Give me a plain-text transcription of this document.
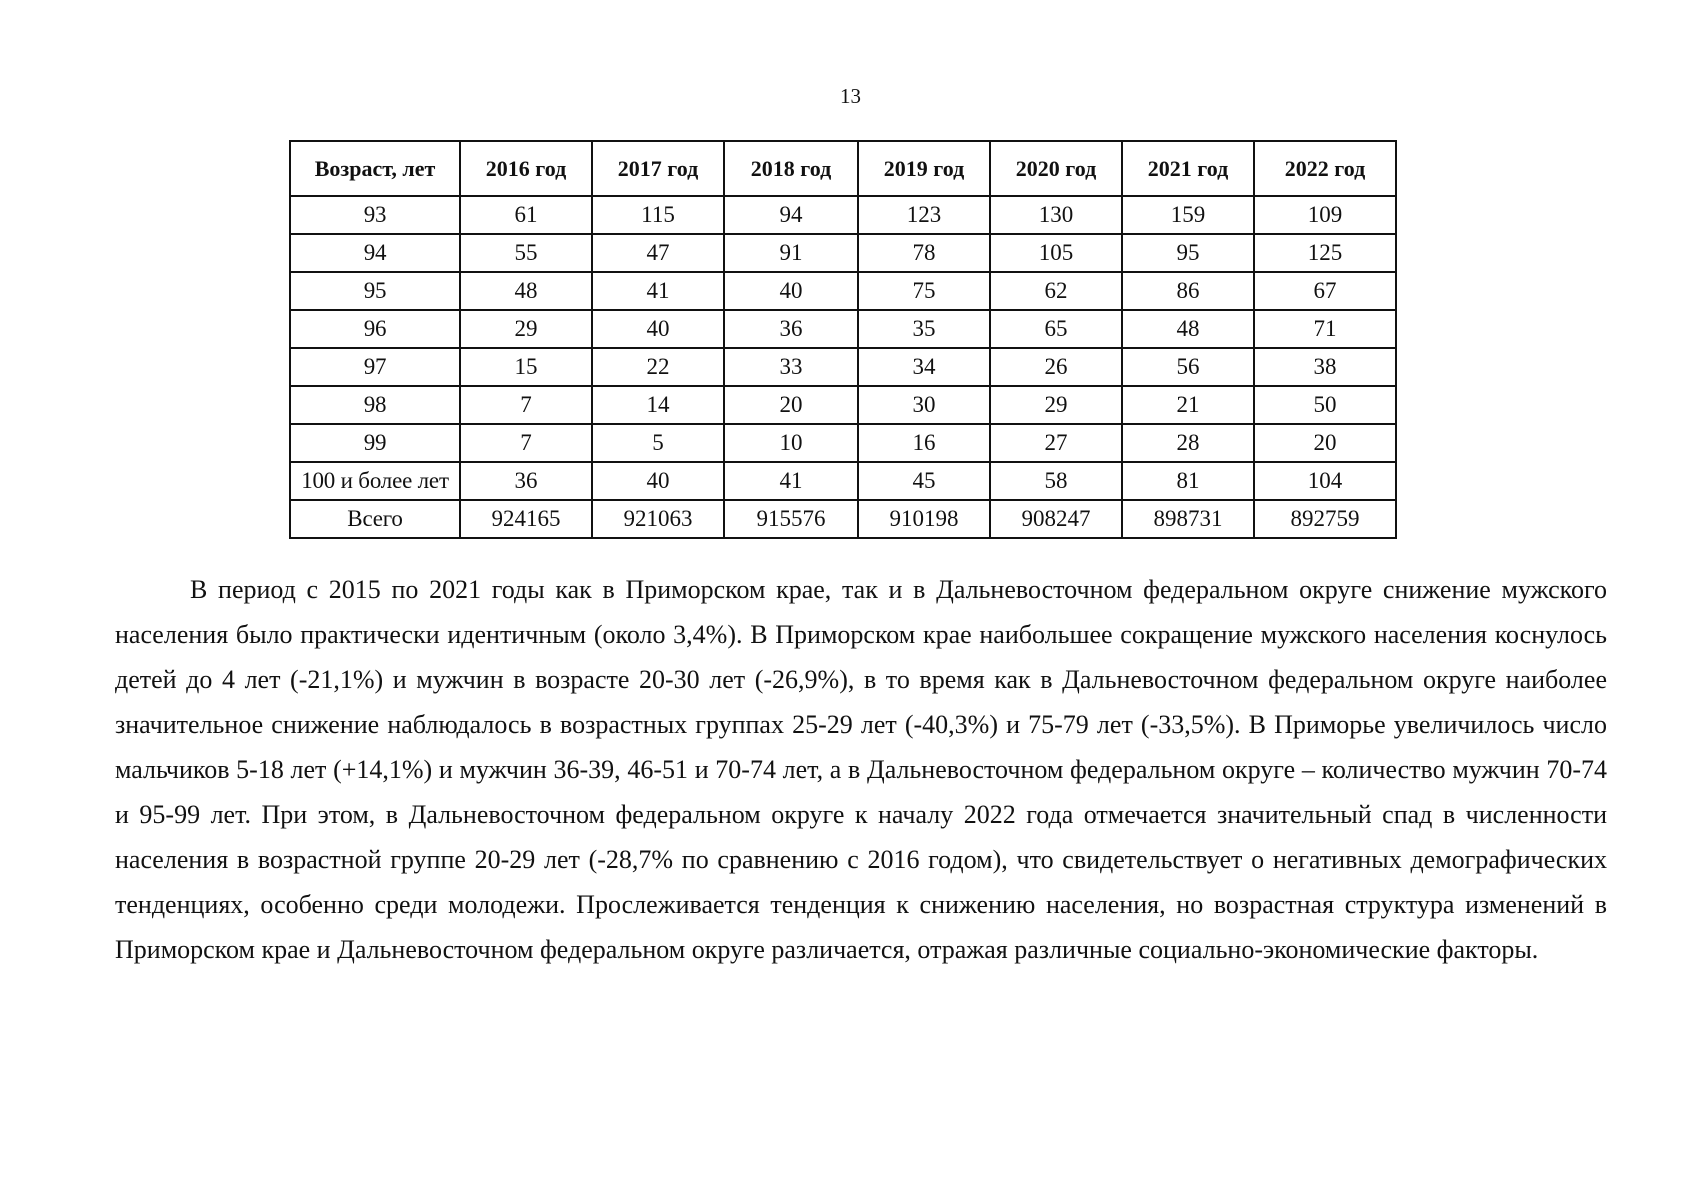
13
Возраст, лет	2016 год	2017 год	2018 год	2019 год	2020 год	2021 год	2022 год
93	61	115	94	123	130	159	109
94	55	47	91	78	105	95	125
95	48	41	40	75	62	86	67
96	29	40	36	35	65	48	71
97	15	22	33	34	26	56	38
98	7	14	20	30	29	21	50
99	7	5	10	16	27	28	20
100 и более лет	36	40	41	45	58	81	104
Всего	924165	921063	915576	910198	908247	898731	892759

В период с 2015 по 2021 годы как в Приморском крае, так и в Дальневосточном федеральном округе снижение мужского населения было практически идентичным (около 3,4%). В Приморском крае наибольшее сокращение мужского населения коснулось детей до 4 лет (-21,1%) и мужчин в возрасте 20-30 лет (-26,9%), в то время как в Дальневосточном федеральном округе наиболее значительное снижение наблюдалось в возрастных группах 25-29 лет (-40,3%) и 75-79 лет (-33,5%). В Приморье увеличилось число мальчиков 5-18 лет (+14,1%) и мужчин 36-39, 46-51 и 70-74 лет, а в Дальневосточном федеральном округе – количество мужчин 70-74 и 95-99 лет. При этом, в Дальневосточном федеральном округе к началу 2022 года отмечается значительный спад в численности населения в возрастной группе 20-29 лет (-28,7% по сравнению с 2016 годом), что свидетельствует о негативных демографических тенденциях, особенно среди молодежи. Прослеживается тенденция к снижению населения, но возрастная структура изменений в Приморском крае и Дальневосточном федеральном округе различается, отражая различные социально-экономические факторы.
